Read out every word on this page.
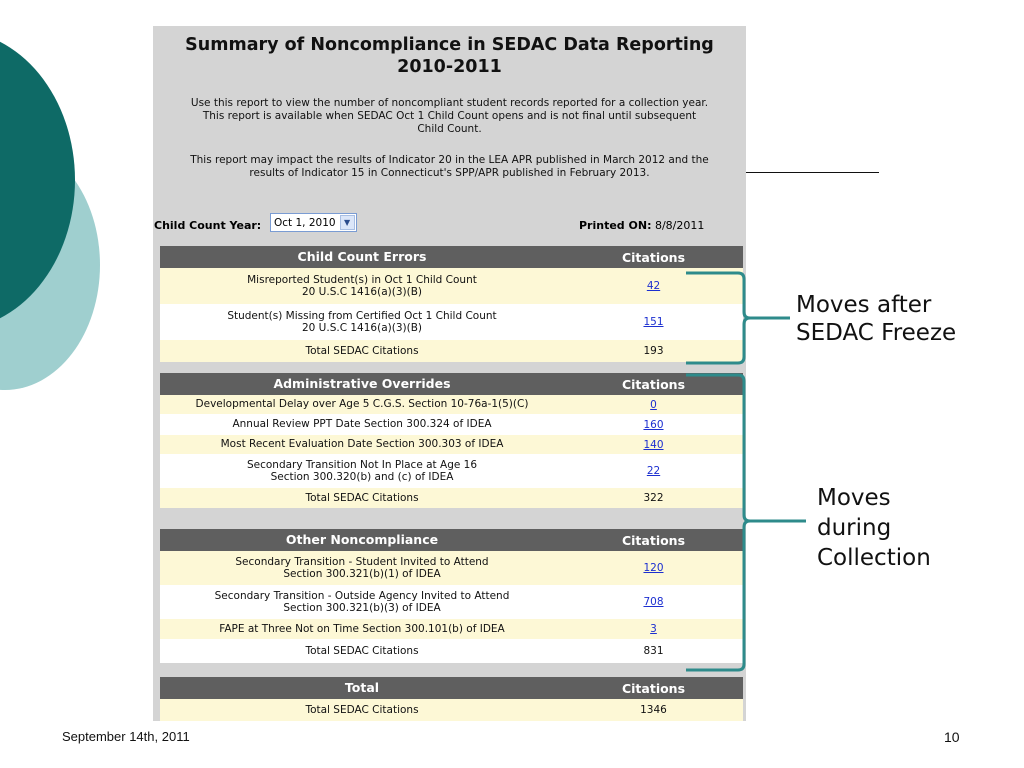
Summary of Noncompliance in SEDAC Data Reporting
2010-2011
Use this report to view the number of noncompliant student records reported for a collection year.
This report is available when SEDAC Oct 1 Child Count opens and is not final until subsequent
Child Count.
This report may impact the results of Indicator 20 in the LEA APR published in March 2012 and the
results of Indicator 15 in Connecticut's SPP/APR published in February 2013.
Child Count Year: Oct 1, 2010	▼	Printed ON: 8/8/2011
Child Count Errors	Citations
Misreported Student(s) in Oct 1 Child Count
20 U.S.C 1416(a)(3)(B)	42
Student(s) Missing from Certified Oct 1 Child Count
20 U.S.C 1416(a)(3)(B)	151
Total SEDAC Citations	193
Administrative Overrides	Citations
Developmental Delay over Age 5 C.G.S. Section 10-76a-1(5)(C)	0
Annual Review PPT Date Section 300.324 of IDEA	160
Most Recent Evaluation Date Section 300.303 of IDEA	140
Secondary Transition Not In Place at Age 16
Section 300.320(b) and (c) of IDEA	22
Total SEDAC Citations	322
Other Noncompliance	Citations
Secondary Transition - Student Invited to Attend
Section 300.321(b)(1) of IDEA	120
Secondary Transition - Outside Agency Invited to Attend
Section 300.321(b)(3) of IDEA	708
FAPE at Three Not on Time Section 300.101(b) of IDEA	3
Total SEDAC Citations	831
Total	Citations
Total SEDAC Citations	1346
Moves after
SEDAC Freeze
Moves
during
Collection
September 14th, 2011	10
